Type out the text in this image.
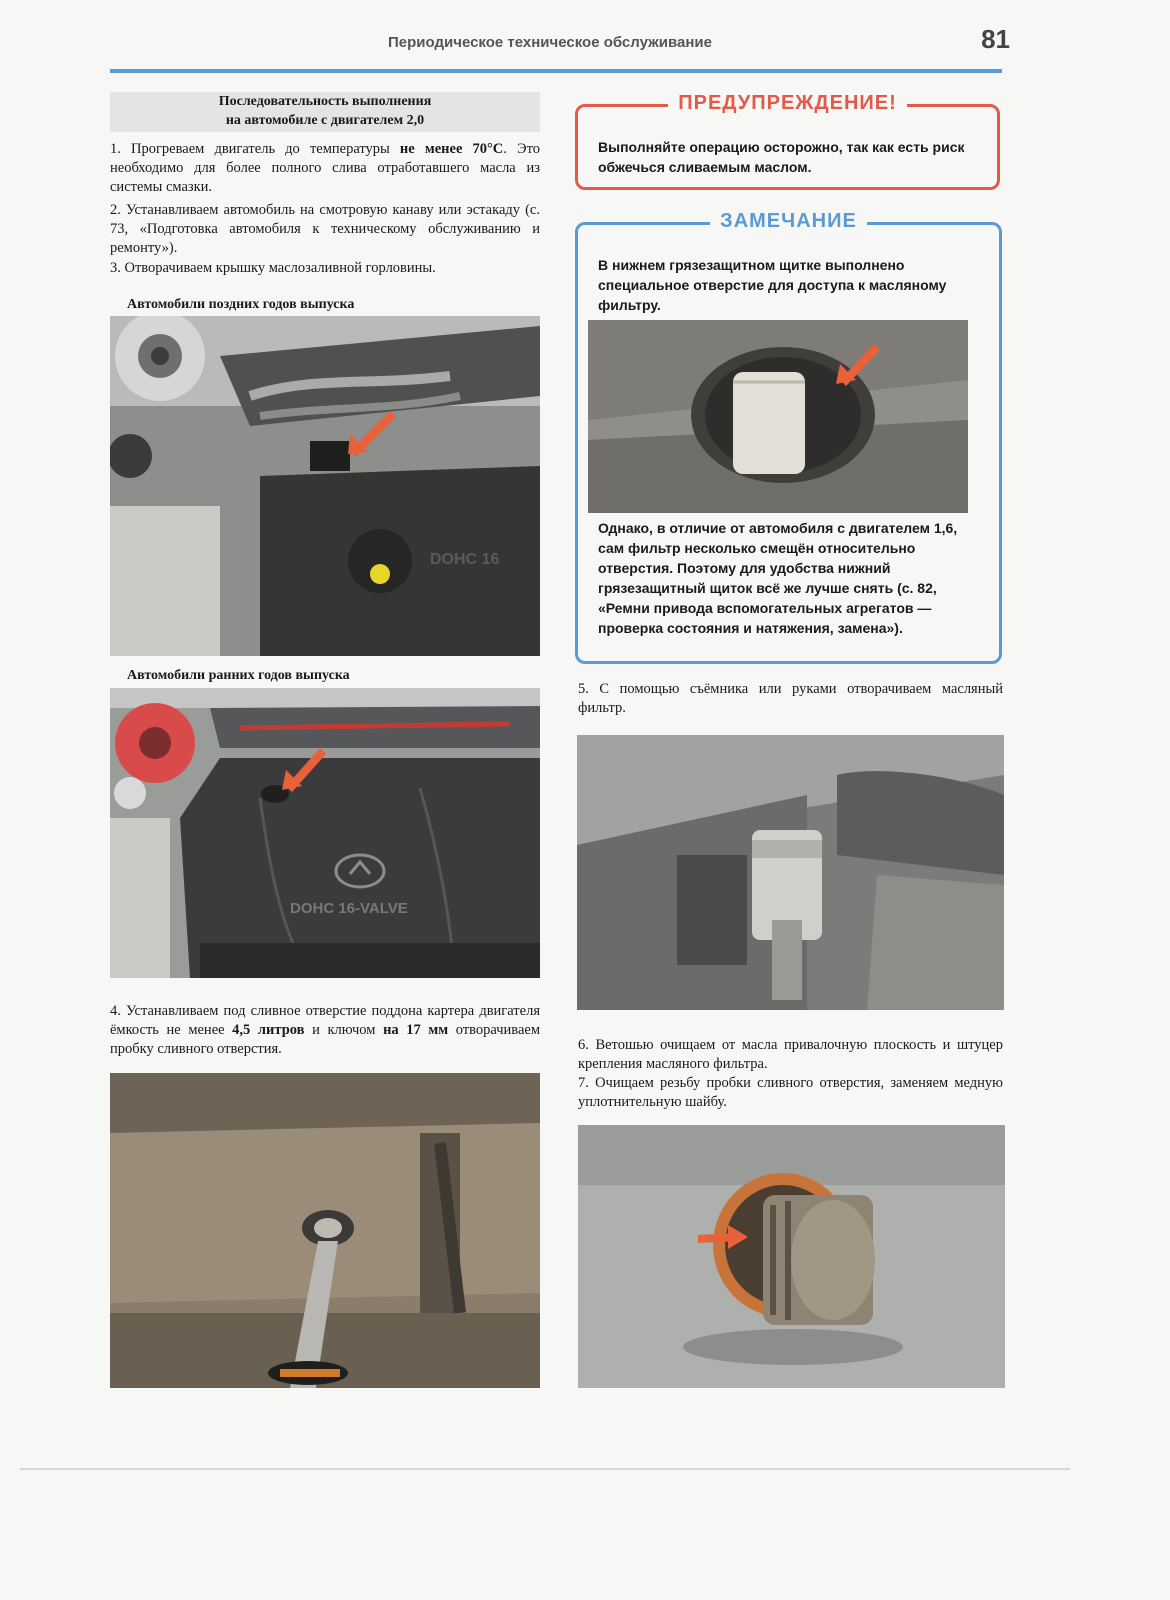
Периодическое техническое обслуживание	81
Последовательность выполнения
на автомобиле с двигателем 2,0
1. Прогреваем двигатель до температуры не менее 70°С. Это необходимо для более полного слива отработавшего масла из системы смазки.
2. Устанавливаем автомобиль на смотровую канаву или эстакаду (с. 73, «Подготовка автомобиля к техническому обслуживанию и ремонту»).
3. Отворачиваем крышку маслозаливной горловины.
Автомобили поздних годов выпуска
DOHC 16
Автомобили ранних годов выпуска
DOHC 16-VALVE
4. Устанавливаем под сливное отверстие поддона картера двигателя ёмкость не менее 4,5 литров и ключом на 17 мм отворачиваем пробку сливного отверстия.
ПРЕДУПРЕЖДЕНИЕ!
Выполняйте операцию осторожно, так как есть риск обжечься сливаемым маслом.
ЗАМЕЧАНИЕ
В нижнем грязезащитном щитке выполнено специальное отверстие для доступа к масляному фильтру.
Однако, в отличие от автомобиля с двигателем 1,6, сам фильтр несколько смещён относительно отверстия. Поэтому для удобства нижний грязезащитный щиток всё же лучше снять (с. 82, «Ремни привода вспомогательных агрегатов — проверка состояния и натяжения, замена»).
5. С помощью съёмника или руками отворачиваем масляный фильтр.
6. Ветошью очищаем от масла привалочную плоскость и штуцер крепления масляного фильтра.
7. Очищаем резьбу пробки сливного отверстия, заменяем медную уплотнительную шайбу.
